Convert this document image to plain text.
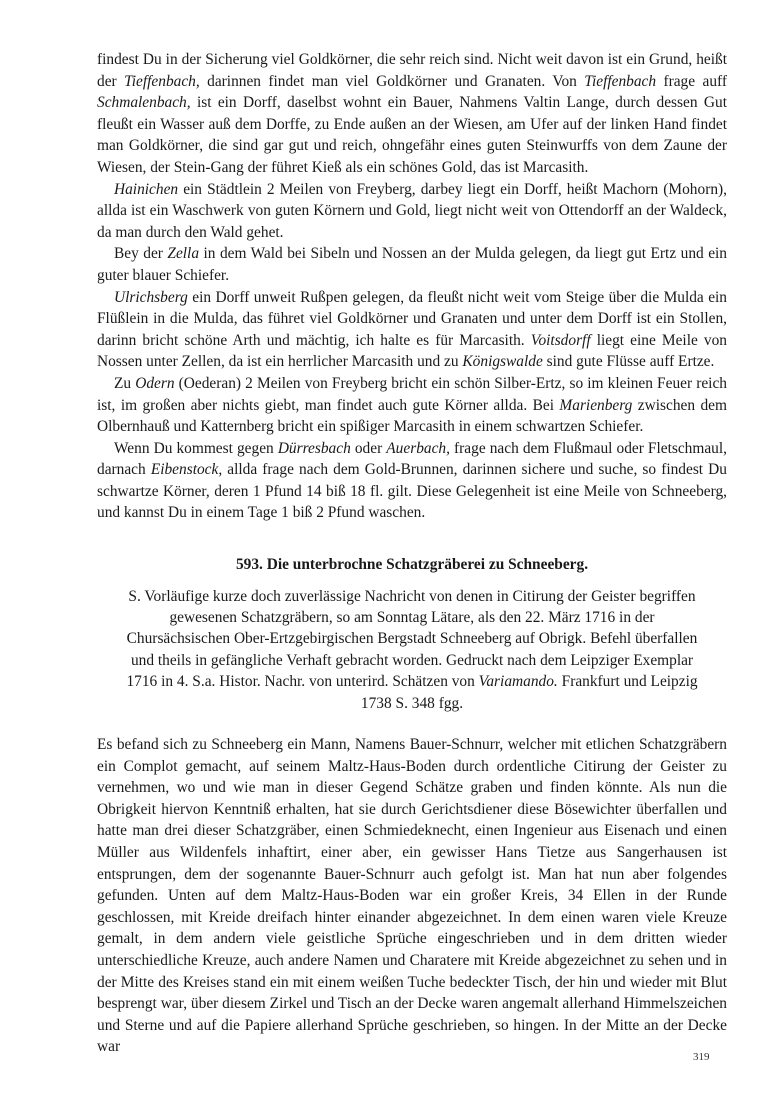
findest Du in der Sicherung viel Goldkörner, die sehr reich sind. Nicht weit davon ist ein Grund, heißt der Tieffenbach, darinnen findet man viel Goldkörner und Granaten. Von Tieffenbach frage auff Schmalenbach, ist ein Dorff, daselbst wohnt ein Bauer, Nahmens Valtin Lange, durch dessen Gut fleußt ein Wasser auß dem Dorffe, zu Ende außen an der Wiesen, am Ufer auf der linken Hand findet man Goldkörner, die sind gar gut und reich, ohngefähr eines guten Steinwurffs von dem Zaune der Wiesen, der Stein-Gang der führet Kieß als ein schönes Gold, das ist Marcasith.

Hainichen ein Städtlein 2 Meilen von Freyberg, darbey liegt ein Dorff, heißt Machorn (Mohorn), allda ist ein Waschwerk von guten Körnern und Gold, liegt nicht weit von Ottendorff an der Waldeck, da man durch den Wald gehet.

Bey der Zella in dem Wald bei Sibeln und Nossen an der Mulda gelegen, da liegt gut Ertz und ein guter blauer Schiefer.

Ulrichsberg ein Dorff unweit Rußpen gelegen, da fleußt nicht weit vom Steige über die Mulda ein Flüßlein in die Mulda, das führet viel Goldkörner und Granaten und unter dem Dorff ist ein Stollen, darinn bricht schöne Arth und mächtig, ich halte es für Marcasith. Voitsdorff liegt eine Meile von Nossen unter Zellen, da ist ein herrlicher Marcasith und zu Königswalde sind gute Flüsse auff Ertze.

Zu Odern (Oederan) 2 Meilen von Freyberg bricht ein schön Silber-Ertz, so im kleinen Feuer reich ist, im großen aber nichts giebt, man findet auch gute Körner allda. Bei Marienberg zwischen dem Olbernhauß und Katternberg bricht ein spißiger Marcasith in einem schwartzen Schiefer.

Wenn Du kommest gegen Dürresbach oder Auerbach, frage nach dem Flußmaul oder Fletschmaul, darnach Eibenstock, allda frage nach dem Gold-Brunnen, darinnen sichere und suche, so findest Du schwartze Körner, deren 1 Pfund 14 biß 18 fl. gilt. Diese Gelegenheit ist eine Meile von Schneeberg, und kannst Du in einem Tage 1 biß 2 Pfund waschen.

593. Die unterbrochne Schatzgräberei zu Schneeberg.
S. Vorläufige kurze doch zuverlässige Nachricht von denen in Citirung der Geister begriffen gewesenen Schatzgräbern, so am Sonntag Lätare, als den 22. März 1716 in der Chursächsischen Ober-Ertzgebirgischen Bergstadt Schneeberg auf Obrigk. Befehl überfallen und theils in gefängliche Verhaft gebracht worden. Gedruckt nach dem Leipziger Exemplar 1716 in 4. S.a. Histor. Nachr. von unterird. Schätzen von Variamando. Frankfurt und Leipzig 1738 S. 348 fgg.

Es befand sich zu Schneeberg ein Mann, Namens Bauer-Schnurr, welcher mit etlichen Schatzgräbern ein Complot gemacht, auf seinem Maltz-Haus-Boden durch ordentliche Citirung der Geister zu vernehmen, wo und wie man in dieser Gegend Schätze graben und finden könnte. Als nun die Obrigkeit hiervon Kenntniß erhalten, hat sie durch Gerichtsdiener diese Bösewichter überfallen und hatte man drei dieser Schatzgräber, einen Schmiedeknecht, einen Ingenieur aus Eisenach und einen Müller aus Wildenfels inhaftirt, einer aber, ein gewisser Hans Tietze aus Sangerhausen ist entsprungen, dem der sogenannte Bauer-Schnurr auch gefolgt ist. Man hat nun aber folgendes gefunden. Unten auf dem Maltz-Haus-Boden war ein großer Kreis, 34 Ellen in der Runde geschlossen, mit Kreide dreifach hinter einander abgezeichnet. In dem einen waren viele Kreuze gemalt, in dem andern viele geistliche Sprüche eingeschrieben und in dem dritten wieder unterschiedliche Kreuze, auch andere Namen und Charatere mit Kreide abgezeichnet zu sehen und in der Mitte des Kreises stand ein mit einem weißen Tuche bedeckter Tisch, der hin und wieder mit Blut besprengt war, über diesem Zirkel und Tisch an der Decke waren angemalt allerhand Himmelszeichen und Sterne und auf die Papiere allerhand Sprüche geschrieben, so hingen. In der Mitte an der Decke war

319
